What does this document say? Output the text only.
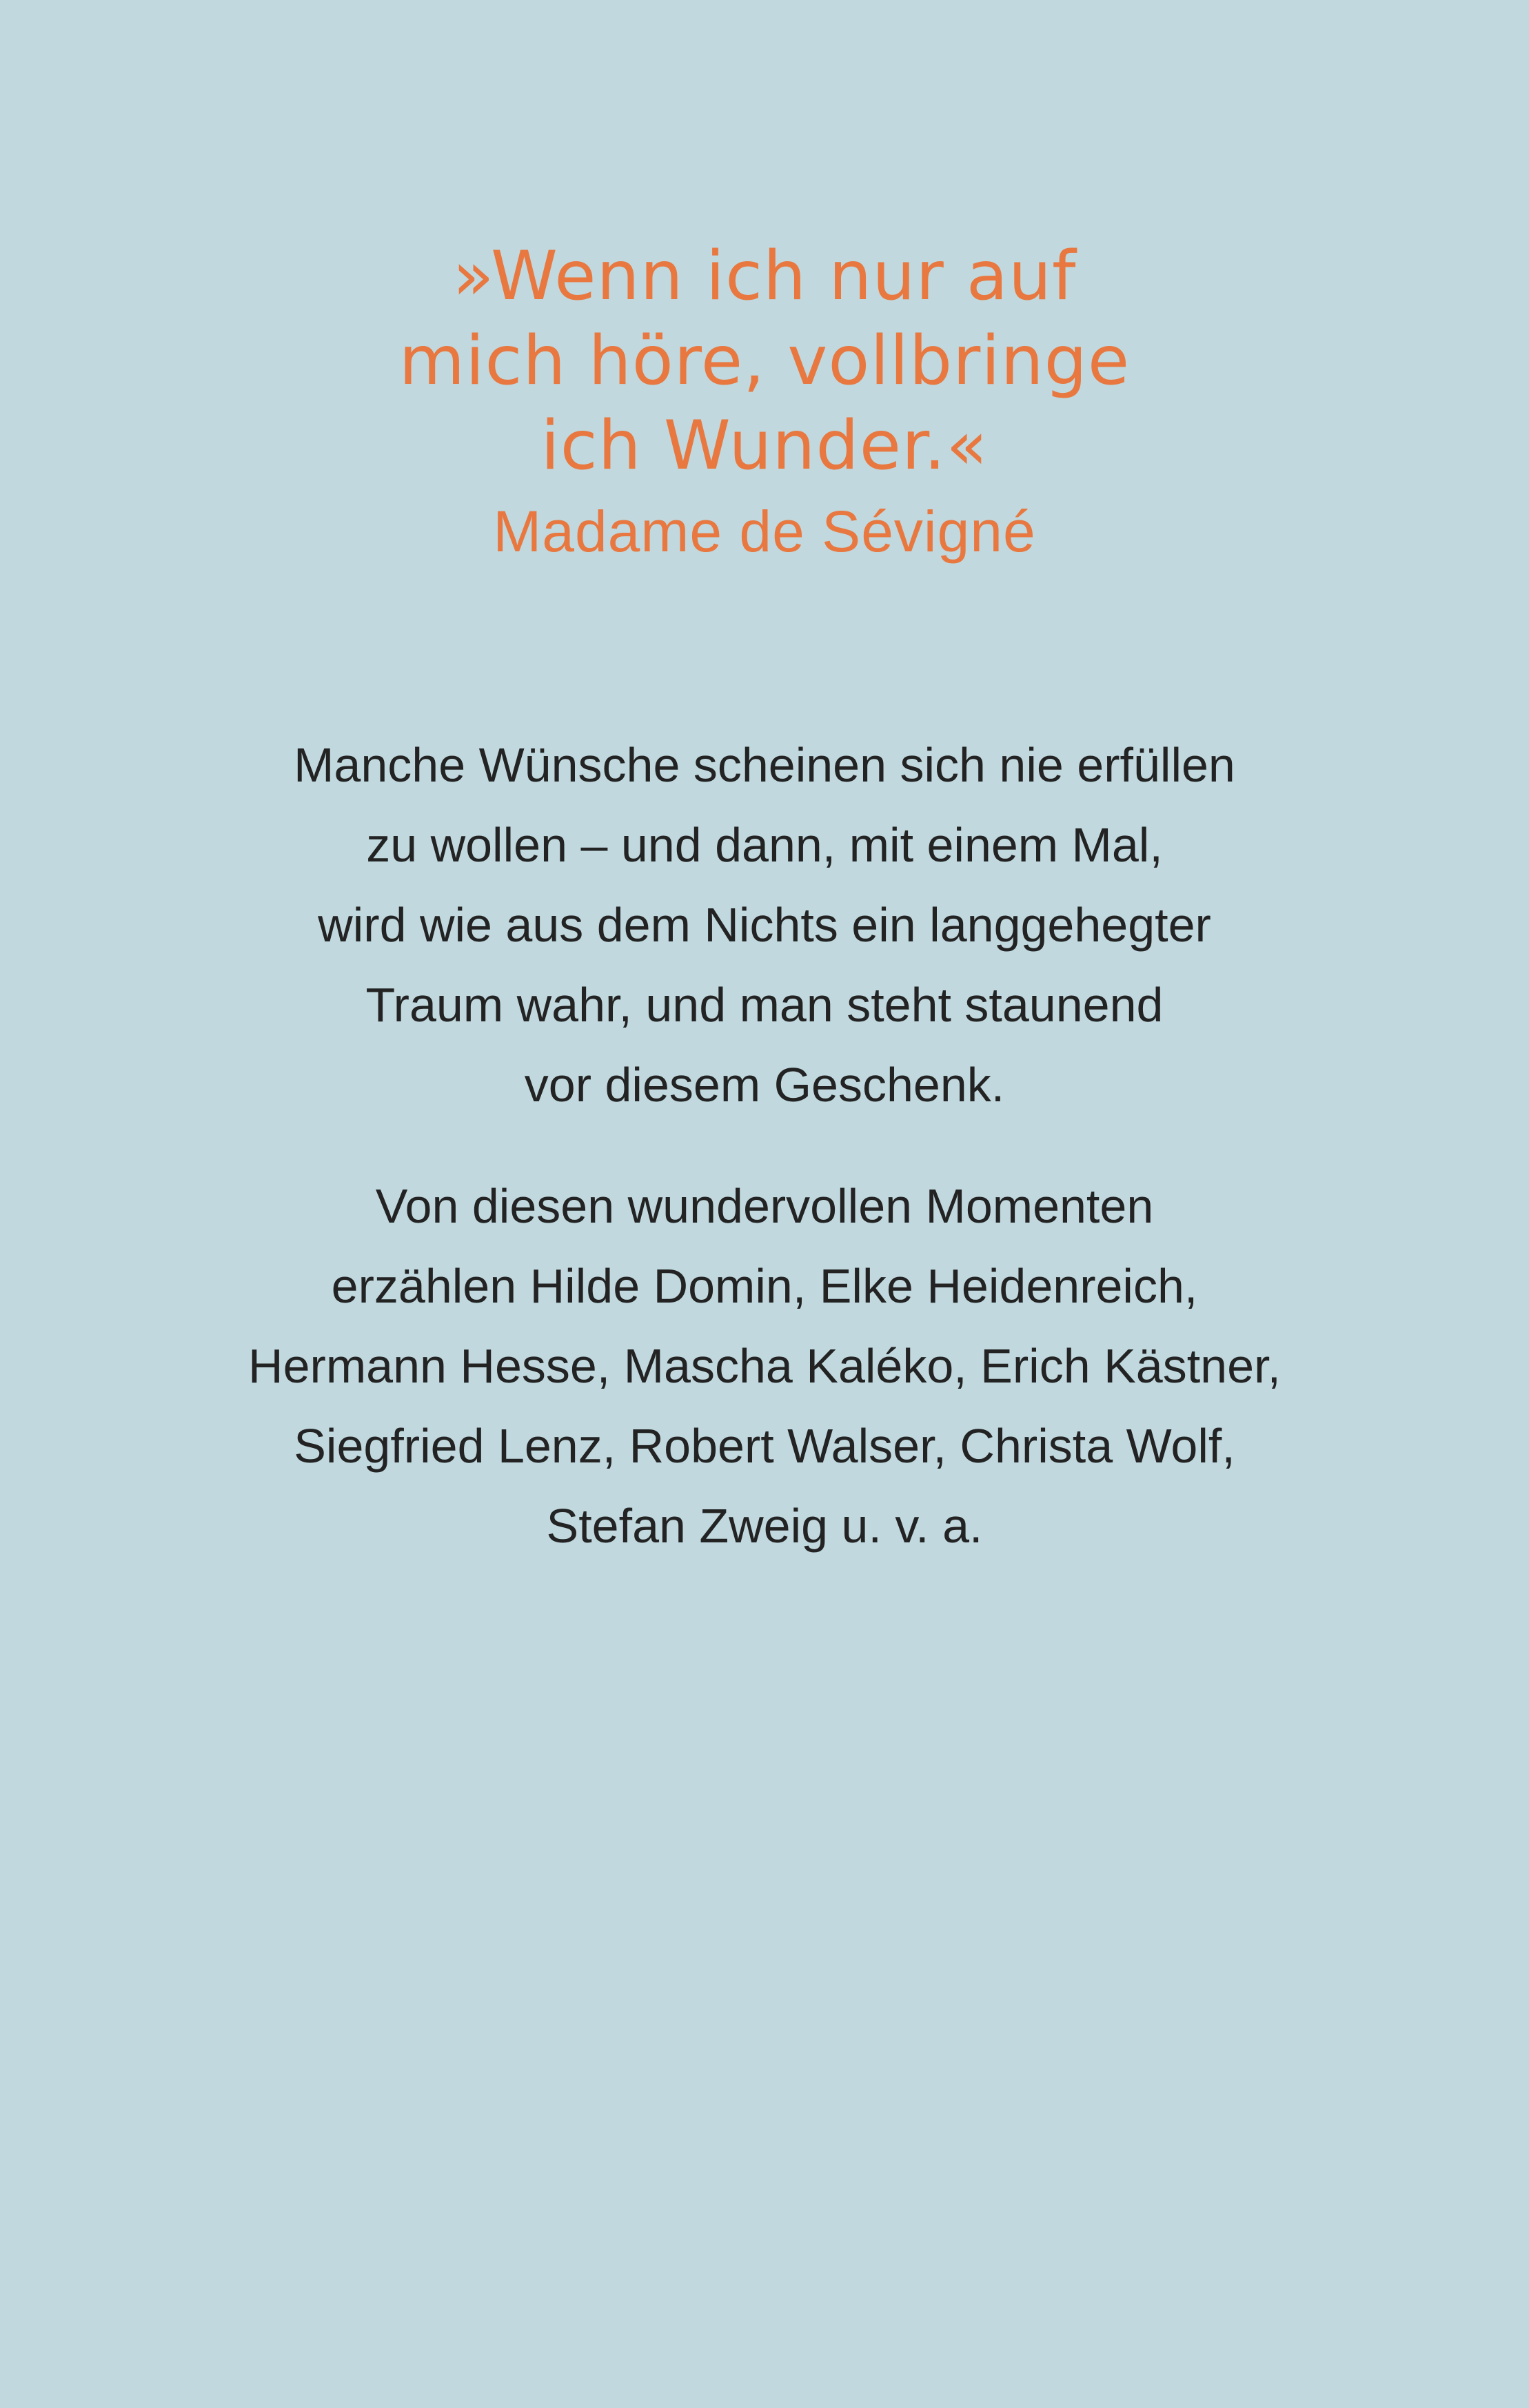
»Wenn ich nur auf
mich höre, vollbringe
ich Wunder.«
Madame de Sévigné
Manche Wünsche scheinen sich nie erfüllen
zu wollen – und dann, mit einem Mal,
wird wie aus dem Nichts ein langgehegter
Traum wahr, und man steht staunend
vor diesem Geschenk.
Von diesen wundervollen Momenten
erzählen Hilde Domin, Elke Heidenreich,
Hermann Hesse, Mascha Kaléko, Erich Kästner,
Siegfried Lenz, Robert Walser, Christa Wolf,
Stefan Zweig u. v. a.
